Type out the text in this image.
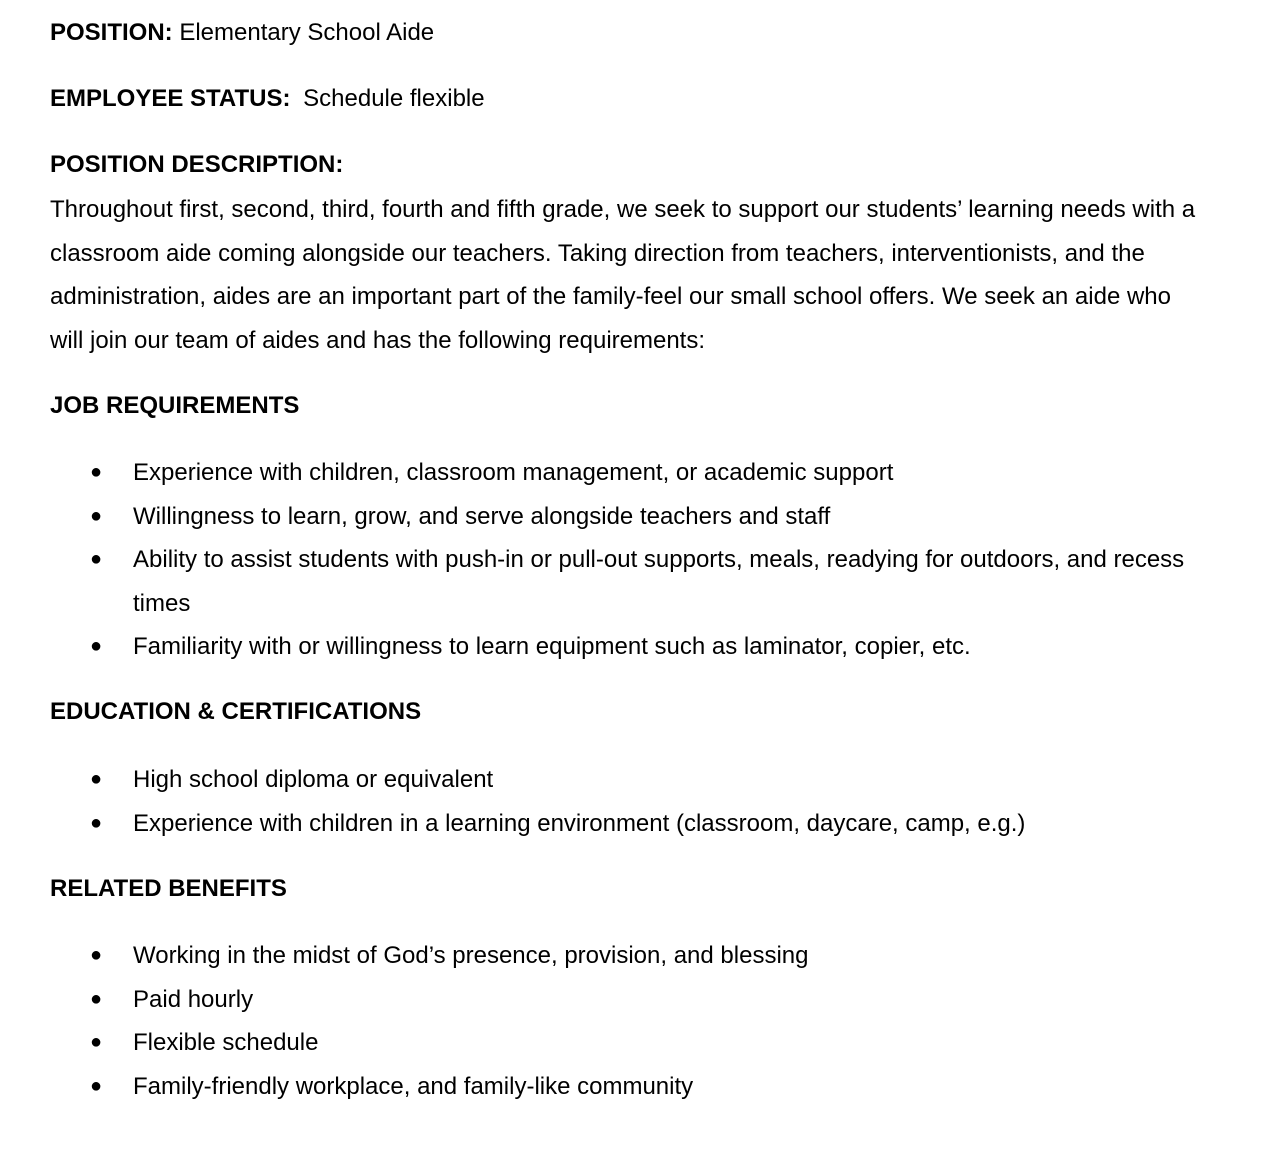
POSITION: Elementary School Aide
EMPLOYEE STATUS: Schedule flexible
POSITION DESCRIPTION:
Throughout first, second, third, fourth and fifth grade, we seek to support our students’ learning needs with a classroom aide coming alongside our teachers. Taking direction from teachers, interventionists, and the administration, aides are an important part of the family-feel our small school offers. We seek an aide who will join our team of aides and has the following requirements:
JOB REQUIREMENTS
● Experience with children, classroom management, or academic support
● Willingness to learn, grow, and serve alongside teachers and staff
● Ability to assist students with push-in or pull-out supports, meals, readying for outdoors, and recess times
● Familiarity with or willingness to learn equipment such as laminator, copier, etc.
EDUCATION & CERTIFICATIONS
● High school diploma or equivalent
● Experience with children in a learning environment (classroom, daycare, camp, e.g.)
RELATED BENEFITS
● Working in the midst of God’s presence, provision, and blessing
● Paid hourly
● Flexible schedule
● Family-friendly workplace, and family-like community
